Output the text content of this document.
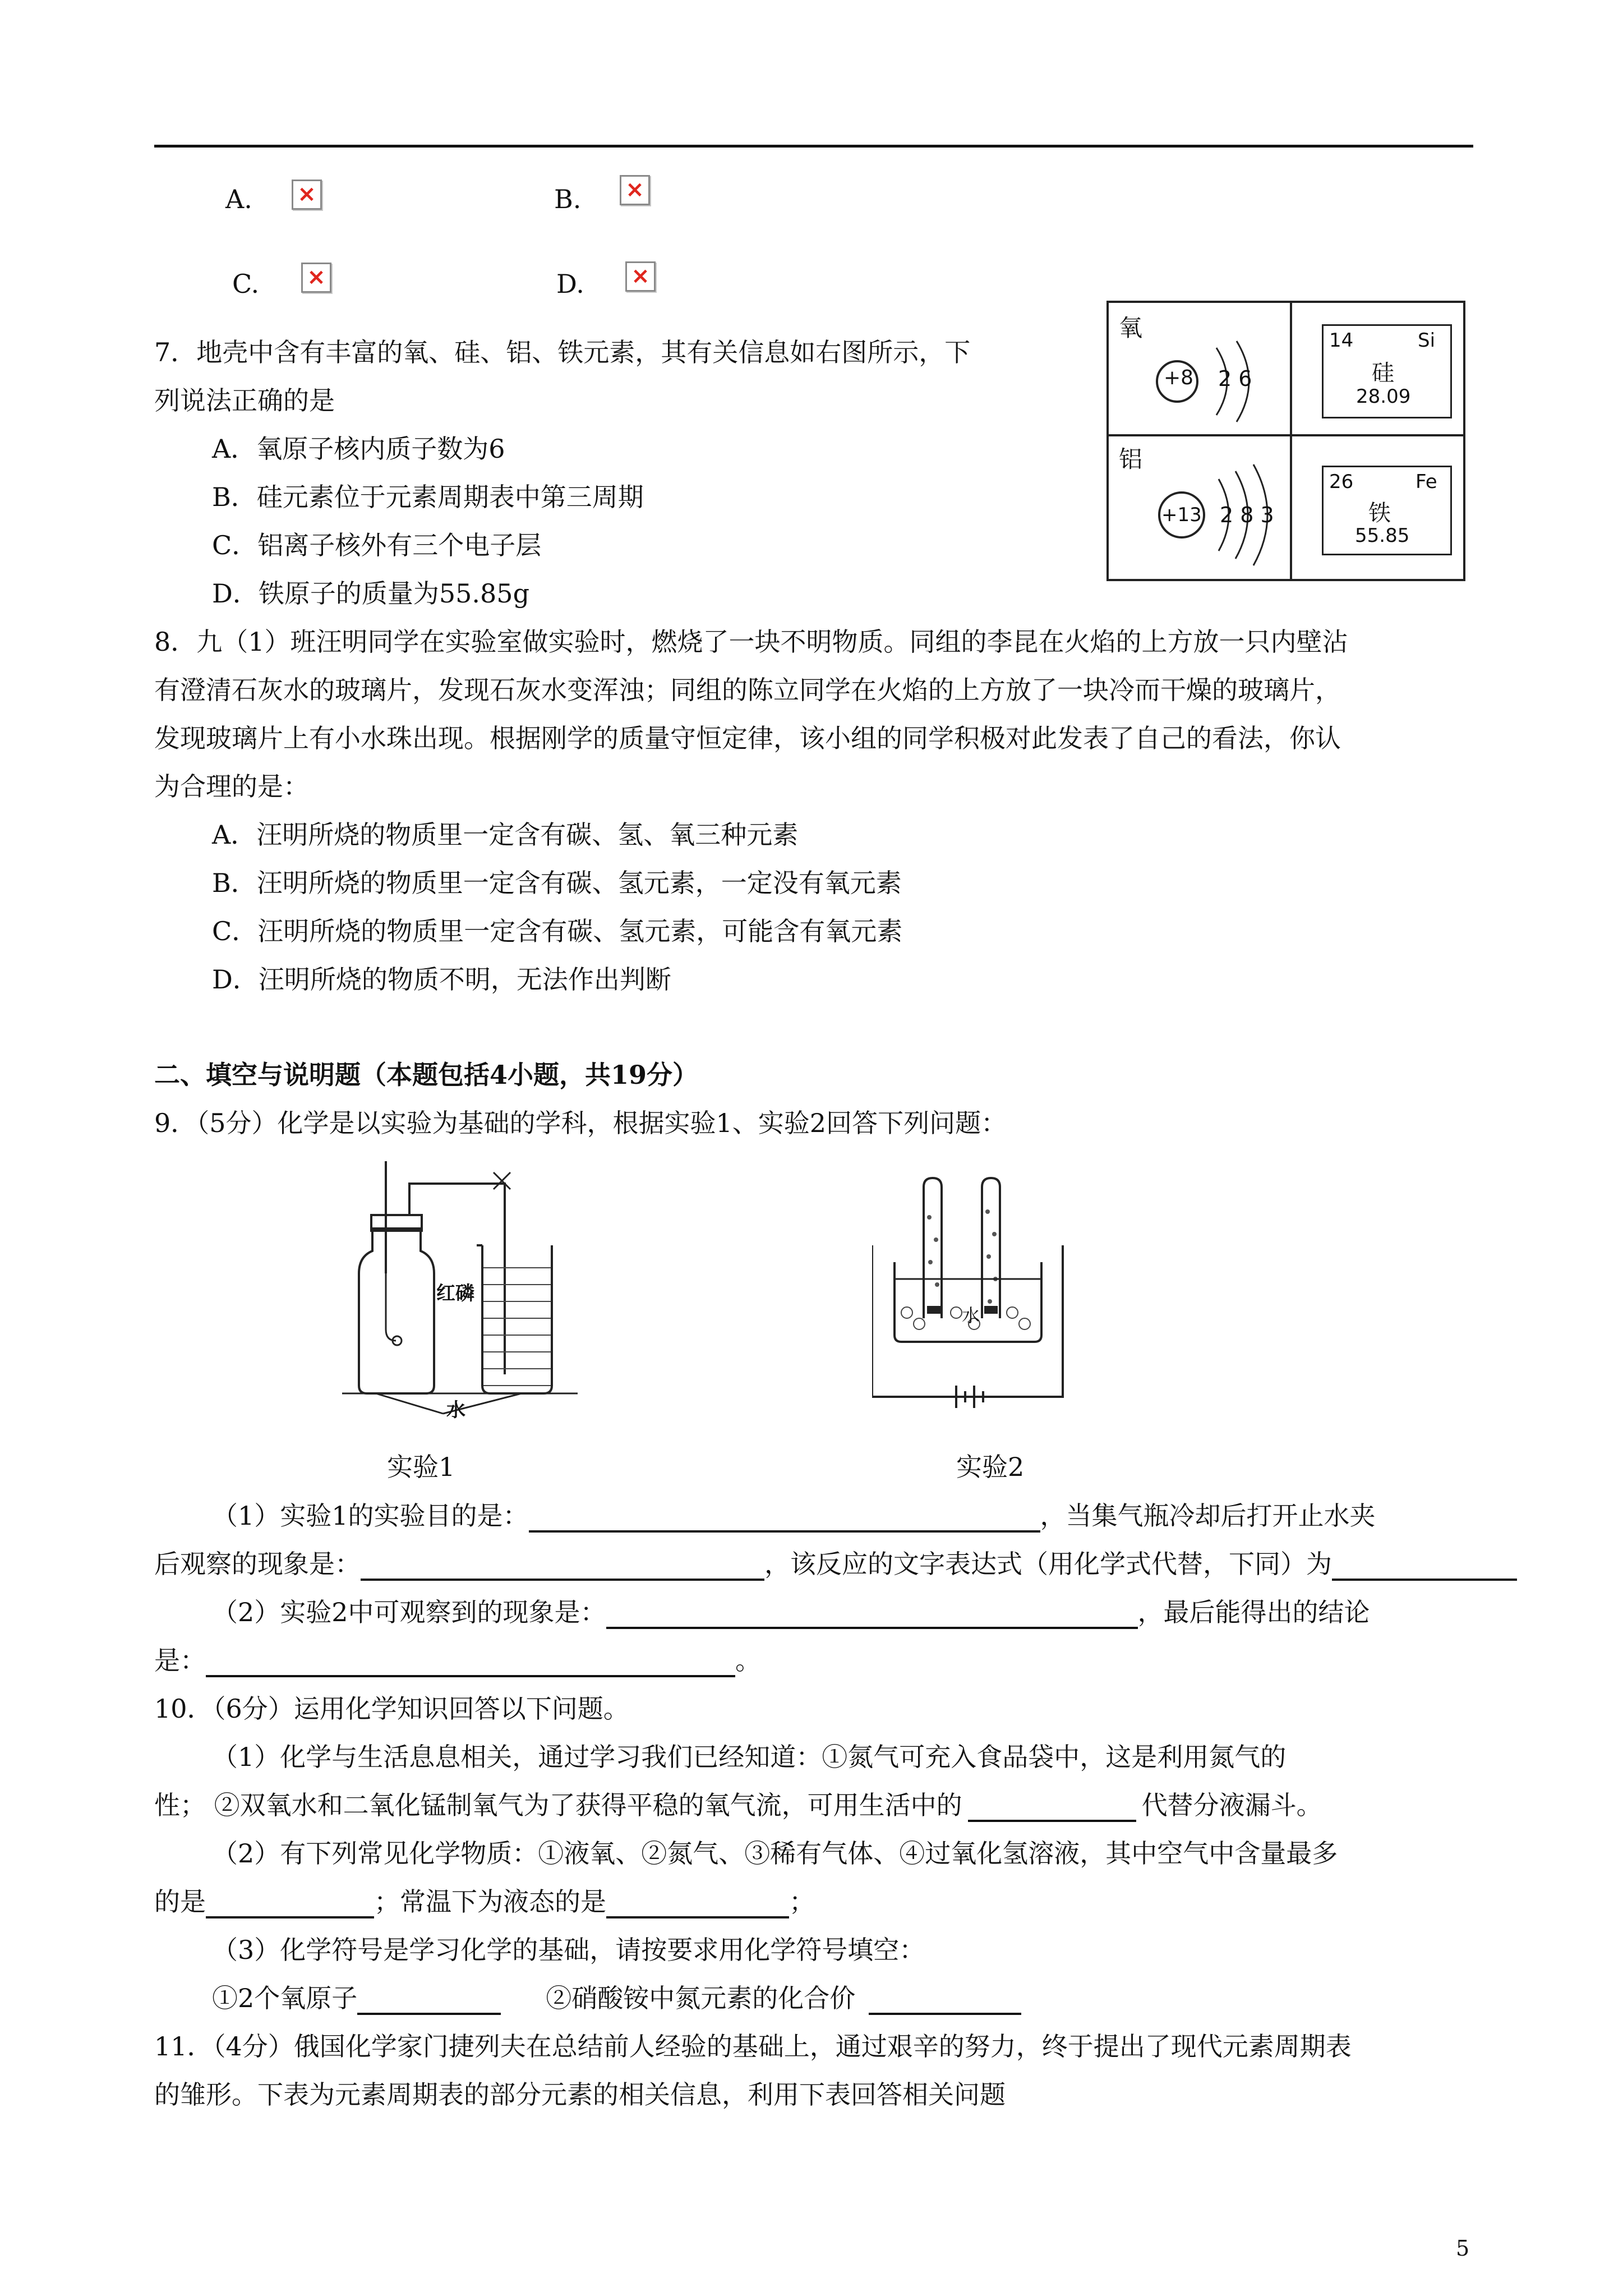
A. ×	B. ×
C. ×	D. ×
7．地壳中含有丰富的氧、硅、铝、铁元素，其有关信息如右图所示，下
列说法正确的是
A．氧原子核内质子数为6
B．硅元素位于元素周期表中第三周期
C．铝离子核外有三个电子层
D．铁原子的质量为55.85g
氧
+8 2 6
14	Si
硅
28.09
铝
+13 2 8 3
26	Fe
铁
55.85
8．九（1）班汪明同学在实验室做实验时，燃烧了一块不明物质。同组的李昆在火焰的上方放一只内壁沾
有澄清石灰水的玻璃片，发现石灰水变浑浊；同组的陈立同学在火焰的上方放了一块冷而干燥的玻璃片，
发现玻璃片上有小水珠出现。根据刚学的质量守恒定律，该小组的同学积极对此发表了自己的看法，你认
为合理的是：
A．汪明所烧的物质里一定含有碳、氢、氧三种元素
B．汪明所烧的物质里一定含有碳、氢元素，一定没有氧元素
C．汪明所烧的物质里一定含有碳、氢元素，可能含有氧元素
D．汪明所烧的物质不明，无法作出判断
二、填空与说明题（本题包括4小题，共19分）
9．（5分）化学是以实验为基础的学科，根据实验1、实验2回答下列问题：
红磷
水
水
实验1	实验2
（1）实验1的实验目的是：	，当集气瓶冷却后打开止水夹
后观察的现象是：	，该反应的文字表达式（用化学式代替，下同）为
（2）实验2中可观察到的现象是：	，最后能得出的结论
是：	。
10．（6分）运用化学知识回答以下问题。
（1）化学与生活息息相关，通过学习我们已经知道：①氮气可充入食品袋中，这是利用氮气的
性； ②双氧水和二氧化锰制氧气为了获得平稳的氧气流，可用生活中的	代替分液漏斗。
（2）有下列常见化学物质：①液氧、②氮气、③稀有气体、④过氧化氢溶液，其中空气中含量最多
的是	；常温下为液态的是	；
（3）化学符号是学习化学的基础，请按要求用化学符号填空：
①2个氧原子	②硝酸铵中氮元素的化合价
11．（4分）俄国化学家门捷列夫在总结前人经验的基础上，通过艰辛的努力，终于提出了现代元素周期表
的雏形。下表为元素周期表的部分元素的相关信息，利用下表回答相关问题
5
